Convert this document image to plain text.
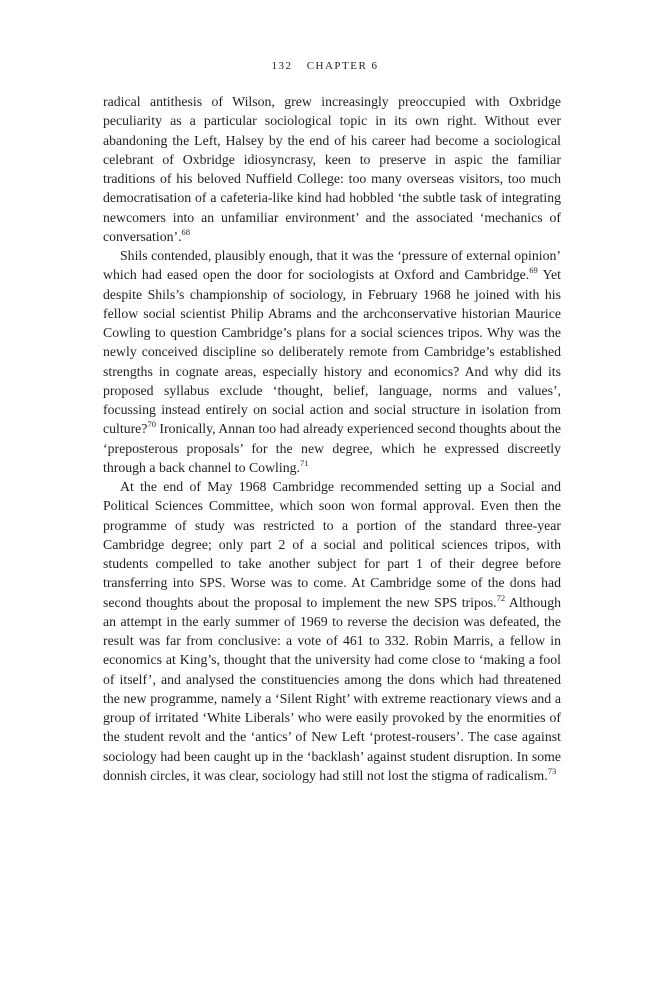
132 CHAPTER 6

radical antithesis of Wilson, grew increasingly preoccupied with Oxbridge peculiarity as a particular sociological topic in its own right. Without ever abandoning the Left, Halsey by the end of his career had become a sociological celebrant of Oxbridge idiosyncrasy, keen to preserve in aspic the familiar traditions of his beloved Nuffield College: too many overseas visitors, too much democratisation of a cafeteria-like kind had hobbled ‘the subtle task of integrating newcomers into an unfamiliar environment’ and the associated ‘mechanics of conversation’.$^{68}$

Shils contended, plausibly enough, that it was the ‘pressure of external opinion’ which had eased open the door for sociologists at Oxford and Cambridge.$^{69}$ Yet despite Shils’s championship of sociology, in February 1968 he joined with his fellow social scientist Philip Abrams and the archconservative historian Maurice Cowling to question Cambridge’s plans for a social sciences tripos. Why was the newly conceived discipline so deliberately remote from Cambridge’s established strengths in cognate areas, especially history and economics? And why did its proposed syllabus exclude ‘thought, belief, language, norms and values’, focussing instead entirely on social action and social structure in isolation from culture?$^{70}$ Ironically, Annan too had already experienced second thoughts about the ‘preposterous proposals’ for the new degree, which he expressed discreetly through a back channel to Cowling.$^{71}$

At the end of May 1968 Cambridge recommended setting up a Social and Political Sciences Committee, which soon won formal approval. Even then the programme of study was restricted to a portion of the standard three-year Cambridge degree; only part 2 of a social and political sciences tripos, with students compelled to take another subject for part 1 of their degree before transferring into SPS. Worse was to come. At Cambridge some of the dons had second thoughts about the proposal to implement the new SPS tripos.$^{72}$ Although an attempt in the early summer of 1969 to reverse the decision was defeated, the result was far from conclusive: a vote of 461 to 332. Robin Marris, a fellow in economics at King’s, thought that the university had come close to ‘making a fool of itself’, and analysed the constituencies among the dons which had threatened the new programme, namely a ‘Silent Right’ with extreme reactionary views and a group of irritated ‘White Liberals’ who were easily provoked by the enormities of the student revolt and the ‘antics’ of New Left ‘protest-rousers’. The case against sociology had been caught up in the ‘backlash’ against student disruption. In some donnish circles, it was clear, sociology had still not lost the stigma of radicalism.$^{73}$
